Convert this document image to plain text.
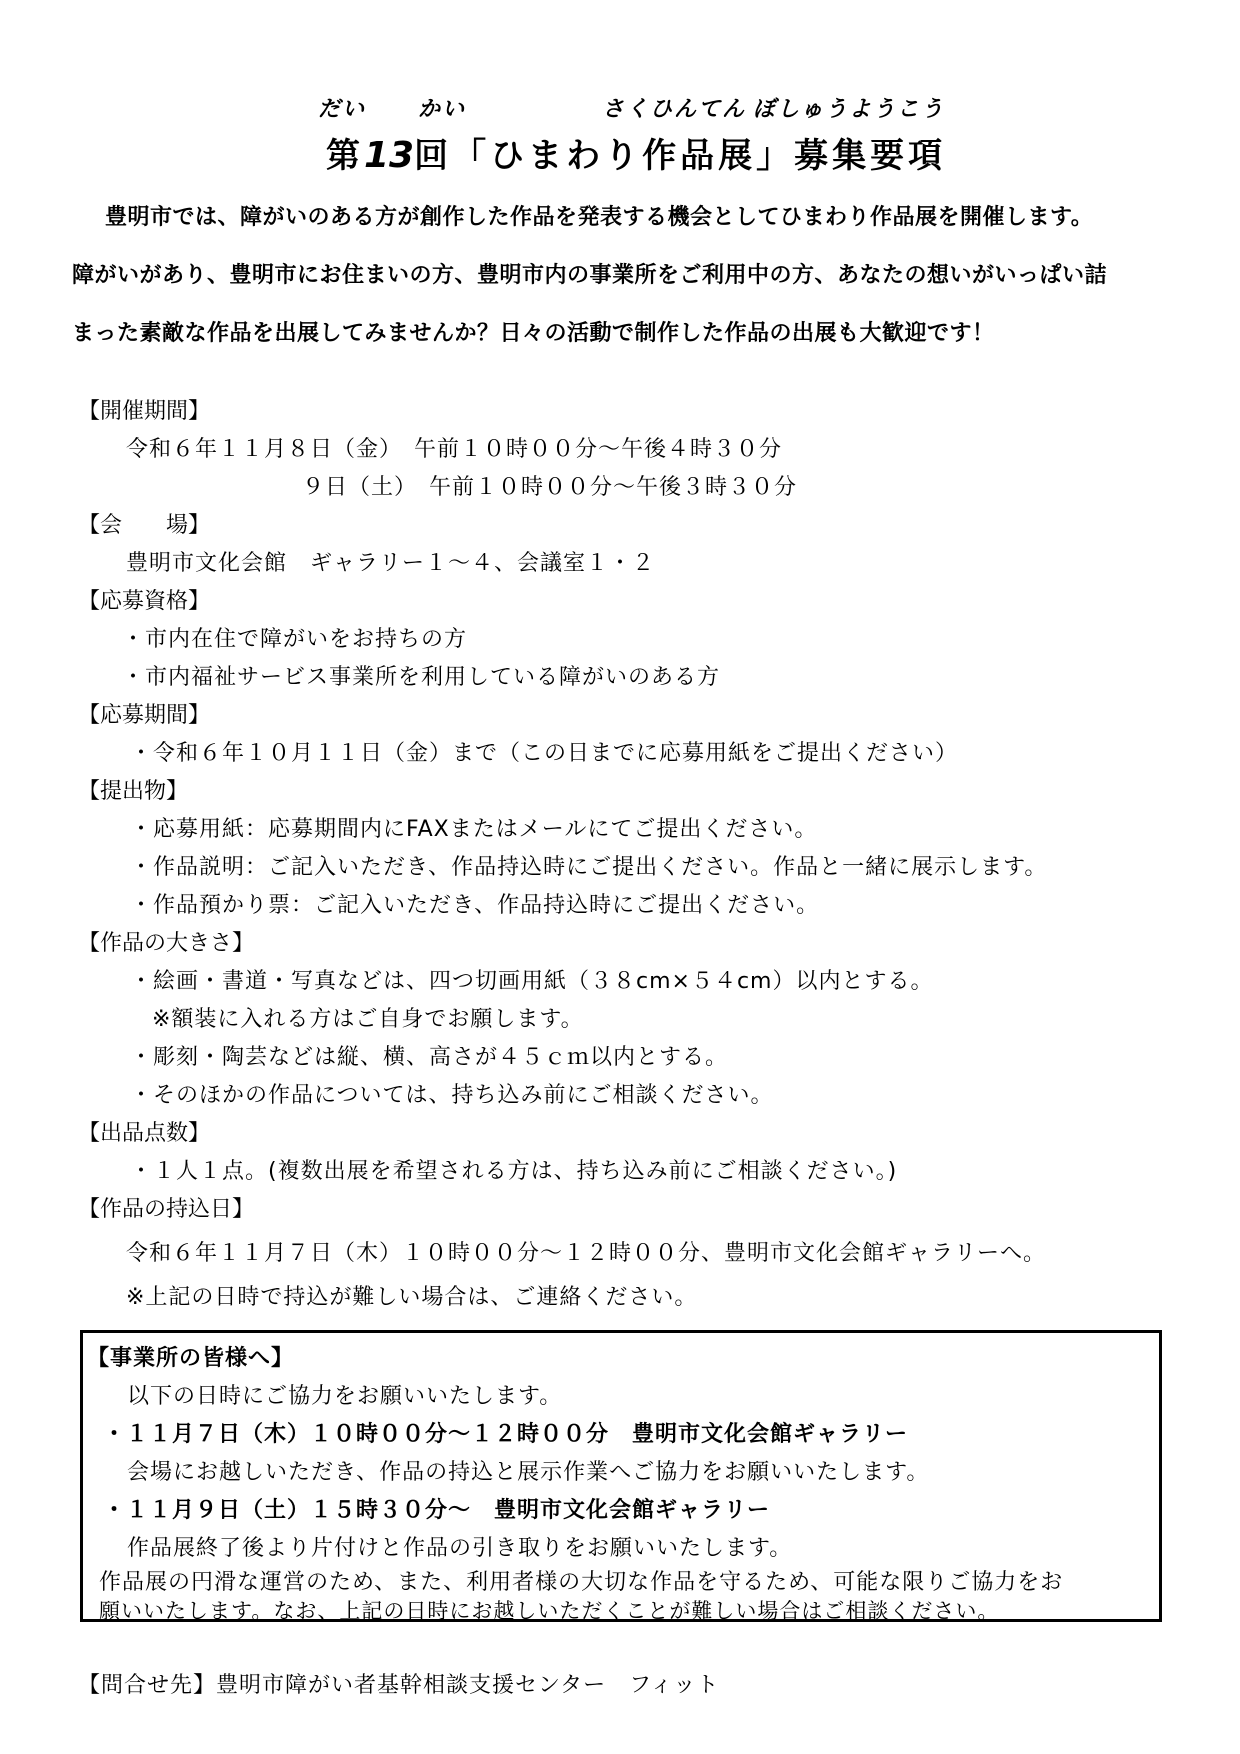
だい かい	さくひんてん ぼしゅうようこう
第13回「ひまわり作品展」募集要項
豊明市では、障がいのある方が創作した作品を発表する機会としてひまわり作品展を開催します。
障がいがあり、豊明市にお住まいの方、豊明市内の事業所をご利用中の方、あなたの想いがいっぱい詰
まった素敵な作品を出展してみませんか？日々の活動で制作した作品の出展も大歓迎です！
【開催期間】
令和６年１１月８日（金）　午前１０時００分～午後４時３０分
９日（土）　午前１０時００分～午後３時３０分
【会　　場】
豊明市文化会館　ギャラリー１～４、会議室１・２
【応募資格】
・市内在住で障がいをお持ちの方
・市内福祉サービス事業所を利用している障がいのある方
【応募期間】
・令和６年１０月１１日（金）まで（この日までに応募用紙をご提出ください）
【提出物】
・応募用紙：応募期間内にFAXまたはメールにてご提出ください。
・作品説明：ご記入いただき、作品持込時にご提出ください。作品と一緒に展示します。
・作品預かり票：ご記入いただき、作品持込時にご提出ください。
【作品の大きさ】
・絵画・書道・写真などは、四つ切画用紙（３８cm×５４cm）以内とする。
※額装に入れる方はご自身でお願します。
・彫刻・陶芸などは縦、横、高さが４５ｃｍ以内とする。
・そのほかの作品については、持ち込み前にご相談ください。
【出品点数】
・１人１点。(複数出展を希望される方は、持ち込み前にご相談ください。)
【作品の持込日】
令和６年１１月７日（木）１０時００分～１２時００分、豊明市文化会館ギャラリーへ。
※上記の日時で持込が難しい場合は、ご連絡ください。
【事業所の皆様へ】
以下の日時にご協力をお願いいたします。
・１１月７日（木）１０時００分～１２時００分　豊明市文化会館ギャラリー
会場にお越しいただき、作品の持込と展示作業へご協力をお願いいたします。
・１１月９日（土）１５時３０分～　豊明市文化会館ギャラリー
作品展終了後より片付けと作品の引き取りをお願いいたします。
作品展の円滑な運営のため、また、利用者様の大切な作品を守るため、可能な限りご協力をお
願いいたします。なお、上記の日時にお越しいただくことが難しい場合はご相談ください。
【問合せ先】豊明市障がい者基幹相談支援センター　フィット
